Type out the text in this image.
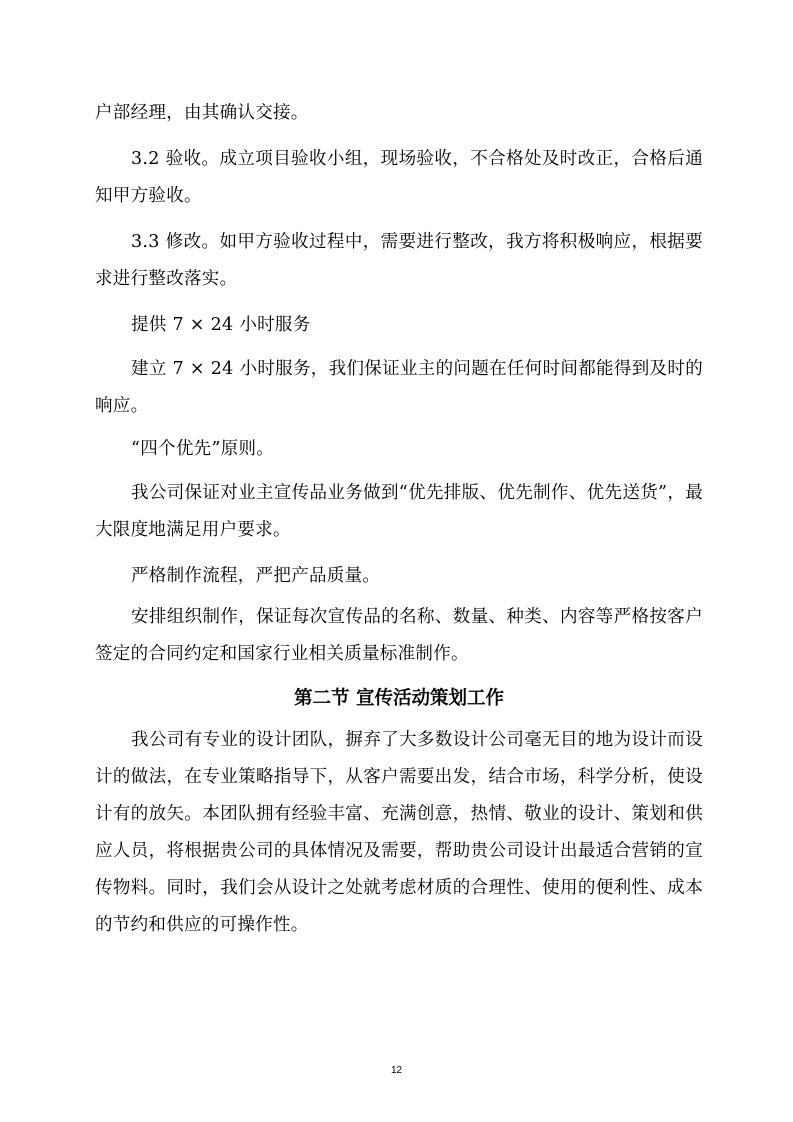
户部经理，由其确认交接。

3.2 验收。成立项目验收小组，现场验收，不合格处及时改正，合格后通知甲方验收。

3.3 修改。如甲方验收过程中，需要进行整改，我方将积极响应，根据要求进行整改落实。

提供 7 × 24 小时服务

建立 7 × 24 小时服务，我们保证业主的问题在任何时间都能得到及时的响应。

“四个优先”原则。

我公司保证对业主宣传品业务做到“优先排版、优先制作、优先送货”，最大限度地满足用户要求。

严格制作流程，严把产品质量。

安排组织制作，保证每次宣传品的名称、数量、种类、内容等严格按客户签定的合同约定和国家行业相关质量标准制作。

第二节 宣传活动策划工作

我公司有专业的设计团队，摒弃了大多数设计公司毫无目的地为设计而设计的做法，在专业策略指导下，从客户需要出发，结合市场，科学分析，使设计有的放矢。本团队拥有经验丰富、充满创意，热情、敬业的设计、策划和供应人员，将根据贵公司的具体情况及需要，帮助贵公司设计出最适合营销的宣传物料。同时，我们会从设计之处就考虑材质的合理性、使用的便利性、成本的节约和供应的可操作性。

12
